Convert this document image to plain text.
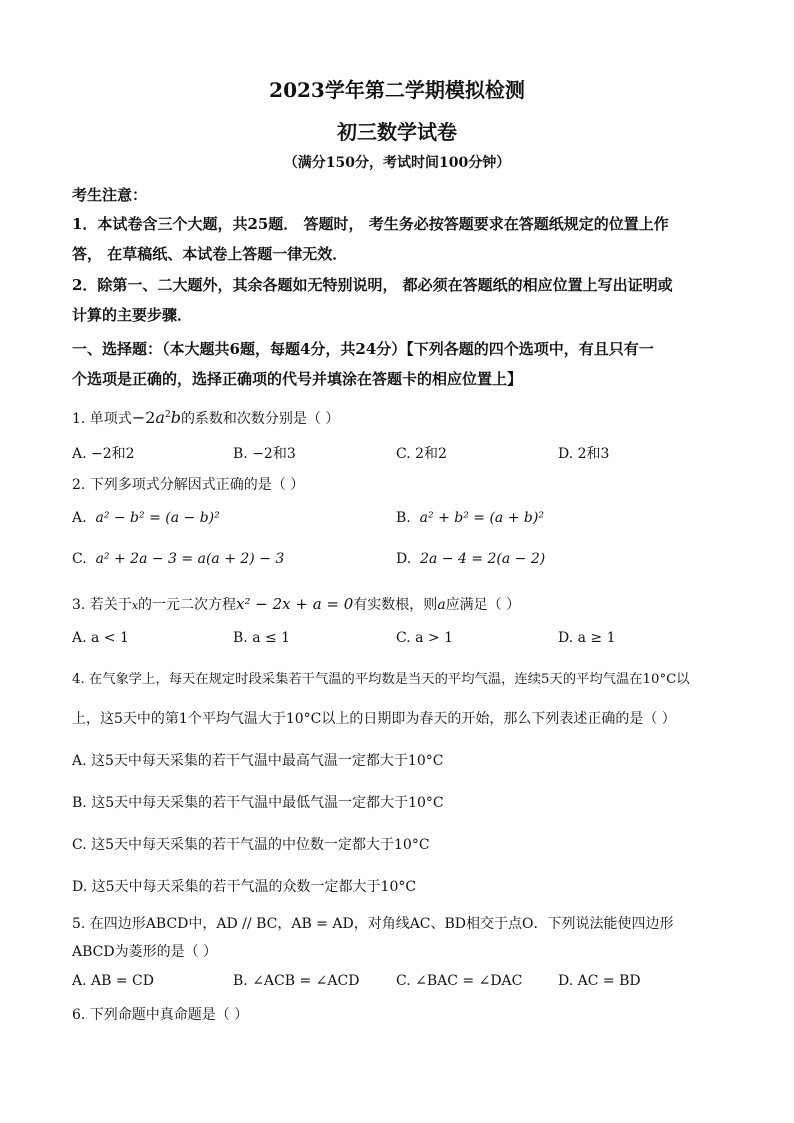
2023学年第二学期模拟检测
初三数学试卷
（满分150分，考试时间100分钟）
考生注意：
1．本试卷含三个大题，共25题． 答题时， 考生务必按答题要求在答题纸规定的位置上作
答， 在草稿纸、本试卷上答题一律无效．
2．除第一、二大题外，其余各题如无特别说明， 都必须在答题纸的相应位置上写出证明或
计算的主要步骤．
一、选择题：（本大题共6题，每题4分，共24分）【下列各题的四个选项中，有且只有一
个选项是正确的，选择正确项的代号并填涂在答题卡的相应位置上】
1. 单项式$-2a^2b$的系数和次数分别是（ ）
A. −2和2	B. −2和3	C. 2和2	D. 2和3
2. 下列多项式分解因式正确的是（ ）
A. a² − b² = (a − b)²	B. a² + b² = (a + b)²
C. a² + 2a − 3 = a(a + 2) − 3	D. 2a − 4 = 2(a − 2)
3. 若关于x的一元二次方程x² − 2x + a = 0有实数根，则a应满足（ ）
A. a < 1	B. a ≤ 1	C. a > 1	D. a ≥ 1
4. 在气象学上，每天在规定时段采集若干气温的平均数是当天的平均气温，连续5天的平均气温在10°C以
上，这5天中的第1个平均气温大于10°C以上的日期即为春天的开始，那么下列表述正确的是（ ）
A. 这5天中每天采集的若干气温中最高气温一定都大于10°C
B. 这5天中每天采集的若干气温中最低气温一定都大于10°C
C. 这5天中每天采集的若干气温的中位数一定都大于10°C
D. 这5天中每天采集的若干气温的众数一定都大于10°C
5. 在四边形ABCD中，AD // BC，AB = AD，对角线AC、BD相交于点O．下列说法能使四边形
ABCD为菱形的是（ ）
A. AB = CD	B. ∠ACB = ∠ACD	C. ∠BAC = ∠DAC	D. AC = BD
6. 下列命题中真命题是（ ）
